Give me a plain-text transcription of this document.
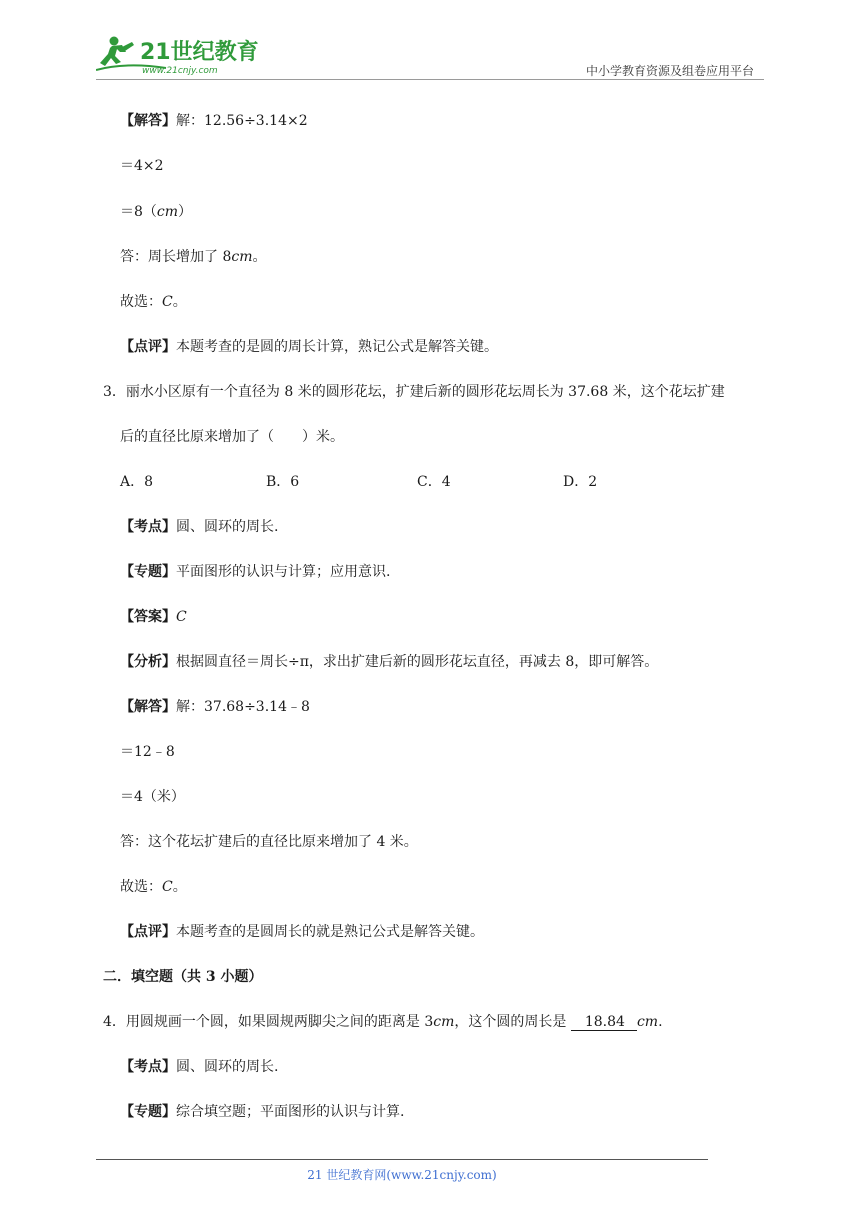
21世纪教育
www.21cnjy.com	中小学教育资源及组卷应用平台
【解答】解：12.56÷3.14×2
＝4×2
＝8（cm）
答：周长增加了 8cm。
故选：C。
【点评】本题考查的是圆的周长计算，熟记公式是解答关键。
3．丽水小区原有一个直径为 8 米的圆形花坛，扩建后新的圆形花坛周长为 37.68 米，这个花坛扩建
后的直径比原来增加了（　　）米。
A．8	B．6	C．4	D．2
【考点】圆、圆环的周长.
【专题】平面图形的认识与计算；应用意识.
【答案】C
【分析】根据圆直径＝周长÷π，求出扩建后新的圆形花坛直径，再减去 8，即可解答。
【解答】解：37.68÷3.14﹣8
＝12﹣8
＝4（米）
答：这个花坛扩建后的直径比原来增加了 4 米。
故选：C。
【点评】本题考查的是圆周长的就是熟记公式是解答关键。
二．填空题（共 3 小题）
4．用圆规画一个圆，如果圆规两脚尖之间的距离是 3cm，这个圆的周长是 18.84 cm.
【考点】圆、圆环的周长.
【专题】综合填空题；平面图形的认识与计算.
21 世纪教育网(www.21cnjy.com)
